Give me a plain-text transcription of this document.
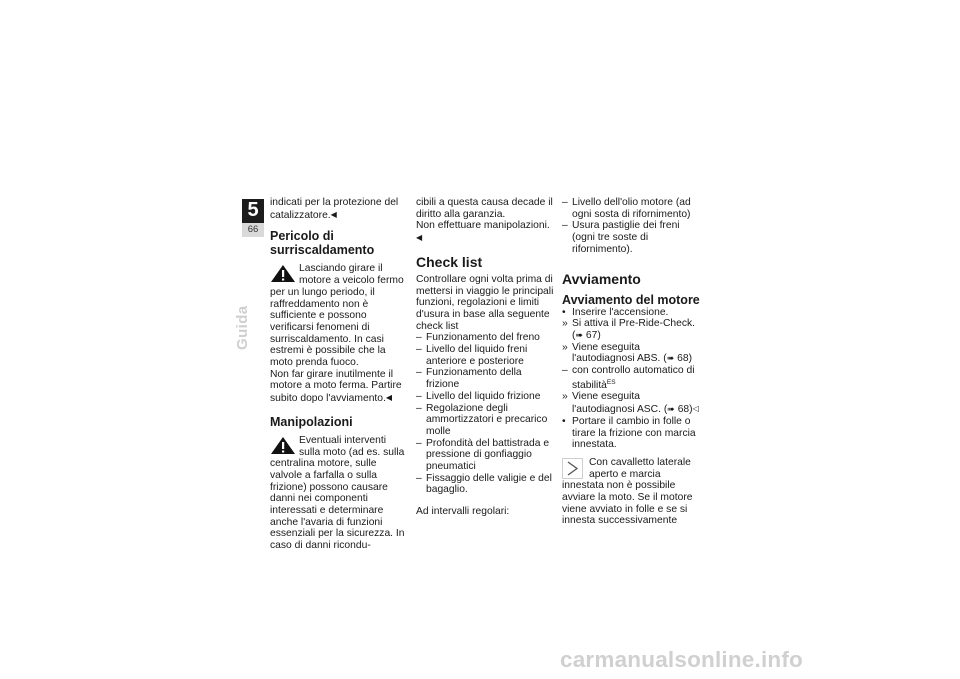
5
66
Guida

indicati per la protezione del catalizzatore.◀

Pericolo di surriscaldamento

Lasciando girare il motore a veicolo fermo per un lungo periodo, il raffreddamento non è sufficiente e possono verificarsi fenomeni di surriscaldamento. In casi estremi è possibile che la moto prenda fuoco.

Non far girare inutilmente il motore a moto ferma. Partire subito dopo l'avviamento.◀

Manipolazioni

Eventuali interventi sulla moto (ad es. sulla centralina motore, sulle valvole a farfalla o sulla frizione) possono causare danni nei componenti interessati e determinare anche l'avaria di funzioni essenziali per la sicurezza. In caso di danni ricondu-

cibili a questa causa decade il diritto alla garanzia.

Non effettuare manipolazioni.◀

Check list

Controllare ogni volta prima di mettersi in viaggio le principali funzioni, regolazioni e limiti d'usura in base alla seguente check list

– Funzionamento del freno
– Livello del liquido freni anteriore e posteriore
– Funzionamento della frizione
– Livello del liquido frizione
– Regolazione degli ammortizzatori e precarico molle
– Profondità del battistrada e pressione di gonfiaggio pneumatici
– Fissaggio delle valigie e del bagaglio.

Ad intervalli regolari:

– Livello dell'olio motore (ad ogni sosta di rifornimento)
– Usura pastiglie dei freni (ogni tre soste di rifornimento).
Avviamento
Avviamento del motore
• Inserire l'accensione.
» Si attiva il Pre-Ride-Check.
(➠ 67)
» Viene eseguita l'autodiagnosi ABS. (➠ 68)
– con controllo automatico di stabilità$^{ES}$
» Viene eseguita l'autodiagnosi ASC. (➠ 68)◁
• Portare il cambio in folle o tirare la frizione con marcia innestata.

Con cavalletto laterale aperto e marcia innestata non è possibile avviare la moto. Se il motore viene avviato in folle e se si innesta successivamente

carmanualsonline.info
